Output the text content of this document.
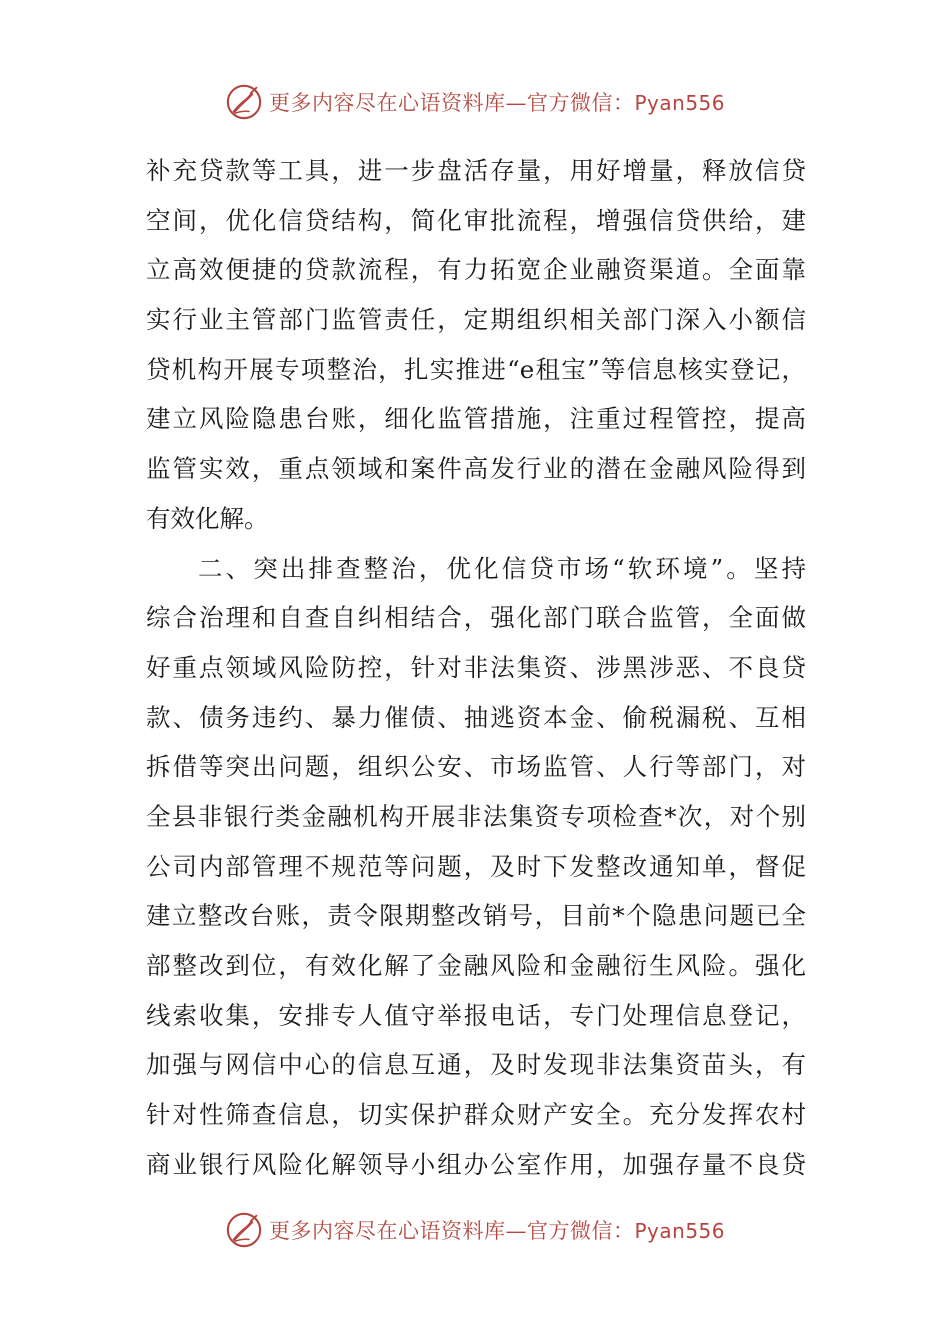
更多内容尽在心语资料库—官方微信：Pyan556
补充贷款等工具，进一步盘活存量，用好增量，释放信贷
空间，优化信贷结构，简化审批流程，增强信贷供给，建
立高效便捷的贷款流程，有力拓宽企业融资渠道。全面靠
实行业主管部门监管责任，定期组织相关部门深入小额信
贷机构开展专项整治，扎实推进“e租宝”等信息核实登记，
建立风险隐患台账，细化监管措施，注重过程管控，提高
监管实效，重点领域和案件高发行业的潜在金融风险得到
有效化解。
二、突出排查整治，优化信贷市场“软环境”。坚持
综合治理和自查自纠相结合，强化部门联合监管，全面做
好重点领域风险防控，针对非法集资、涉黑涉恶、不良贷
款、债务违约、暴力催债、抽逃资本金、偷税漏税、互相
拆借等突出问题，组织公安、市场监管、人行等部门，对
全县非银行类金融机构开展非法集资专项检查*次，对个别
公司内部管理不规范等问题，及时下发整改通知单，督促
建立整改台账，责令限期整改销号，目前*个隐患问题已全
部整改到位，有效化解了金融风险和金融衍生风险。强化
线索收集，安排专人值守举报电话，专门处理信息登记，
加强与网信中心的信息互通，及时发现非法集资苗头，有
针对性筛查信息，切实保护群众财产安全。充分发挥农村
商业银行风险化解领导小组办公室作用，加强存量不良贷
更多内容尽在心语资料库—官方微信：Pyan556
